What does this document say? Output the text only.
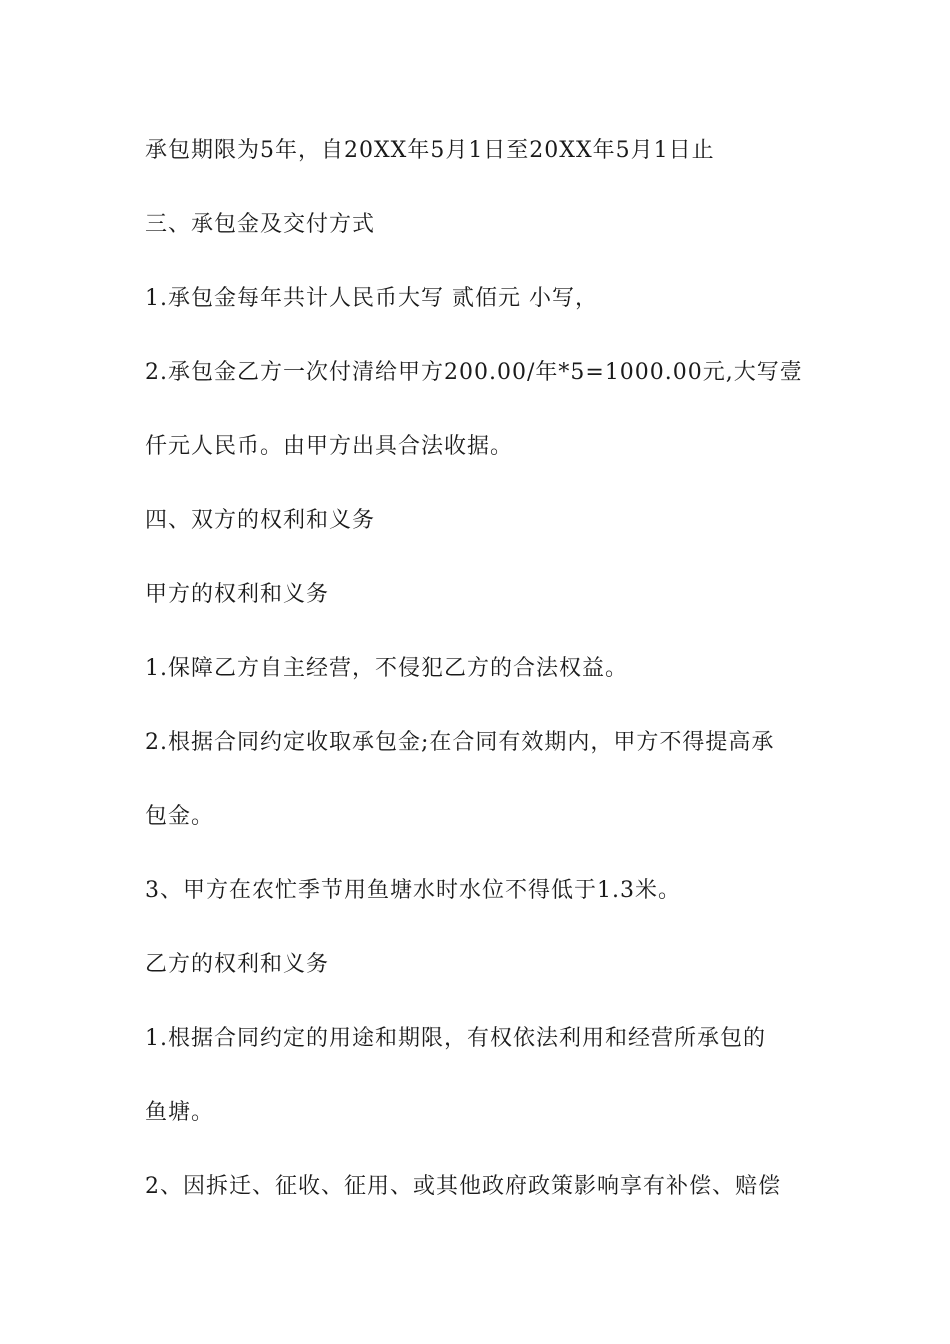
承包期限为5年，自20XX年5月1日至20XX年5月1日止
三、承包金及交付方式
1.承包金每年共计人民币大写 贰佰元 小写，
2.承包金乙方一次付清给甲方200.00/年*5=1000.00元,大写壹
仟元人民币。由甲方出具合法收据。
四、双方的权利和义务
甲方的权利和义务
1.保障乙方自主经营，不侵犯乙方的合法权益。
2.根据合同约定收取承包金;在合同有效期内，甲方不得提高承
包金。
3、甲方在农忙季节用鱼塘水时水位不得低于1.3米。
乙方的权利和义务
1.根据合同约定的用途和期限，有权依法利用和经营所承包的
鱼塘。
2、因拆迁、征收、征用、或其他政府政策影响享有补偿、赔偿
